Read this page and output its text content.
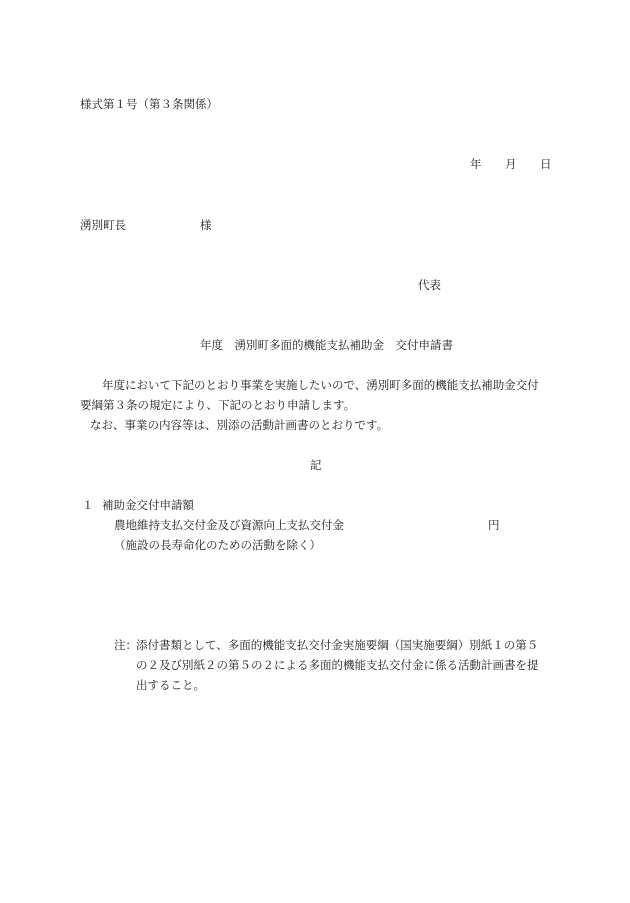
様式第１号（第３条関係）
年 月 日
湧別町長	様
代表
年度　湧別町多面的機能支払補助金　交付申請書
年度において下記のとおり事業を実施したいので、湧別町多面的機能支払補助金交付
要綱第３条の規定により、下記のとおり申請します。
なお、事業の内容等は、別添の活動計画書のとおりです。
記
１ 補助金交付申請額
農地維持支払交付金及び資源向上支払交付金	円
（施設の長寿命化のための活動を除く）
注： 添付書類として、多面的機能支払交付金実施要綱（国実施要綱）別紙１の第５
の２及び別紙２の第５の２による多面的機能支払交付金に係る活動計画書を提
出すること。
